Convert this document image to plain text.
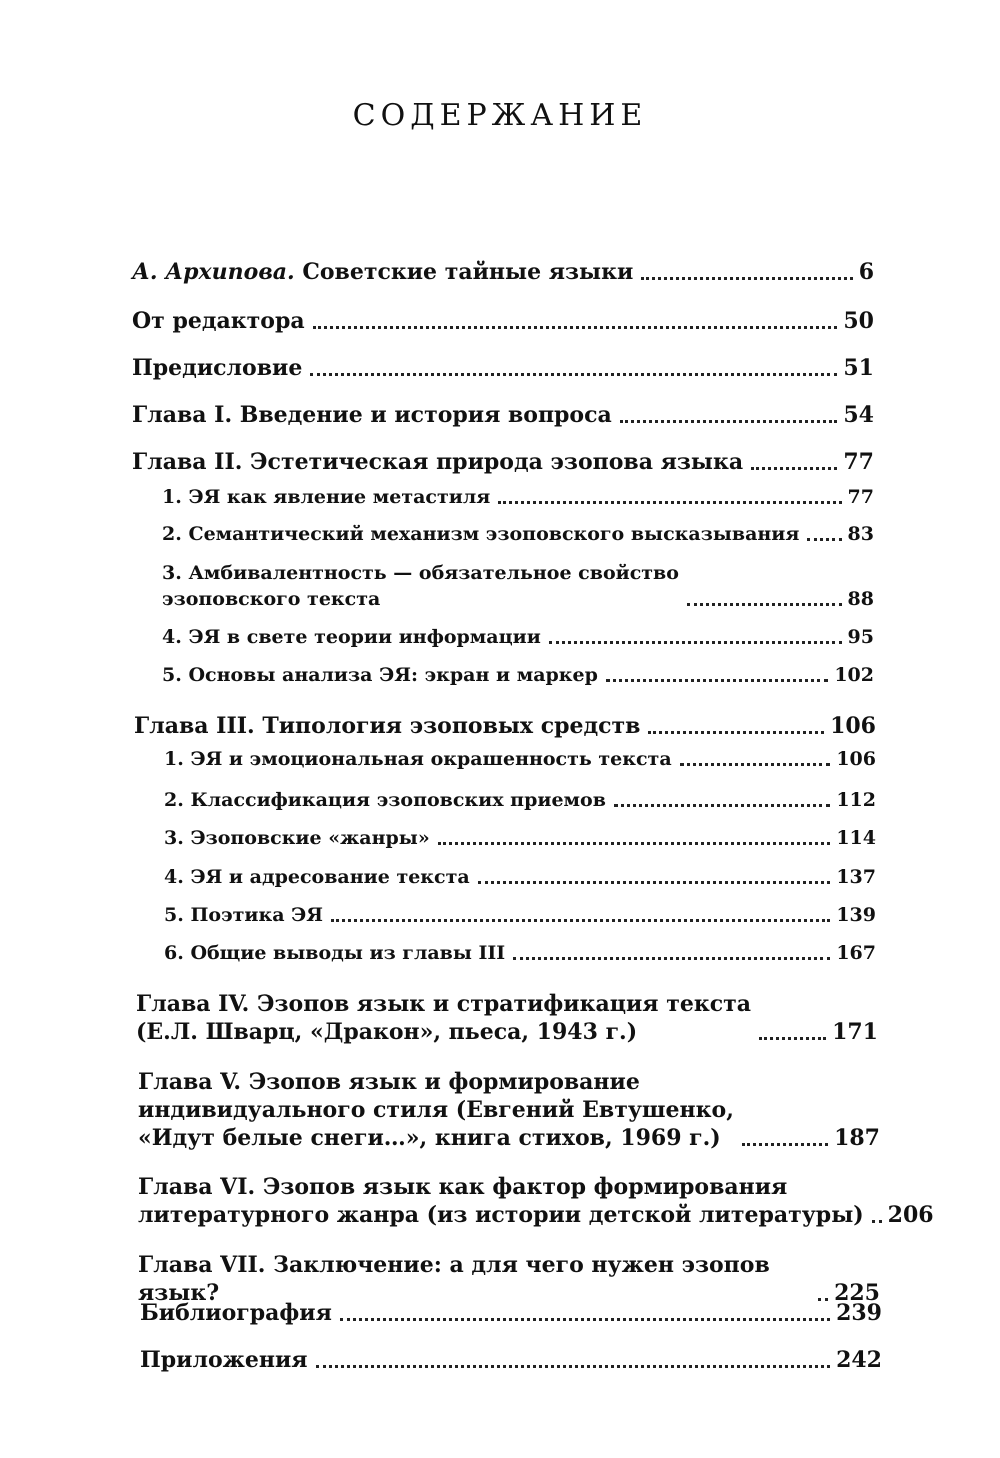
СОДЕРЖАНИЕ
А. Архипова. Советские тайные языки	6
От редактора	50
Предисловие	51
Глава I. Введение и история вопроса	54
Глава II. Эстетическая природа эзопова языка	77
1. ЭЯ как явление метастиля	77
2. Семантический механизм эзоповского высказывания	83
3. Амбивалентность — обязательное свойство
эзоповского текста	88
4. ЭЯ в свете теории информации	95
5. Основы анализа ЭЯ: экран и маркер	102
Глава III. Типология эзоповых средств	106
1. ЭЯ и эмоциональная окрашенность текста	106
2. Классификация эзоповских приемов	112
3. Эзоповские «жанры»	114
4. ЭЯ и адресование текста	137
5. Поэтика ЭЯ	139
6. Общие выводы из главы III	167
Глава IV. Эзопов язык и стратификация текста
(Е.Л. Шварц, «Дракон», пьеса, 1943 г.)	171
Глава V. Эзопов язык и формирование
индивидуального стиля (Евгений Евтушенко,
«Идут белые снеги…», книга стихов, 1969 г.)	187
Глава VI. Эзопов язык как фактор формирования
литературного жанра (из истории детской литературы) 206
Глава VII. Заключение: а для чего нужен эзопов язык?	225
Библиография	239
Приложения	242
